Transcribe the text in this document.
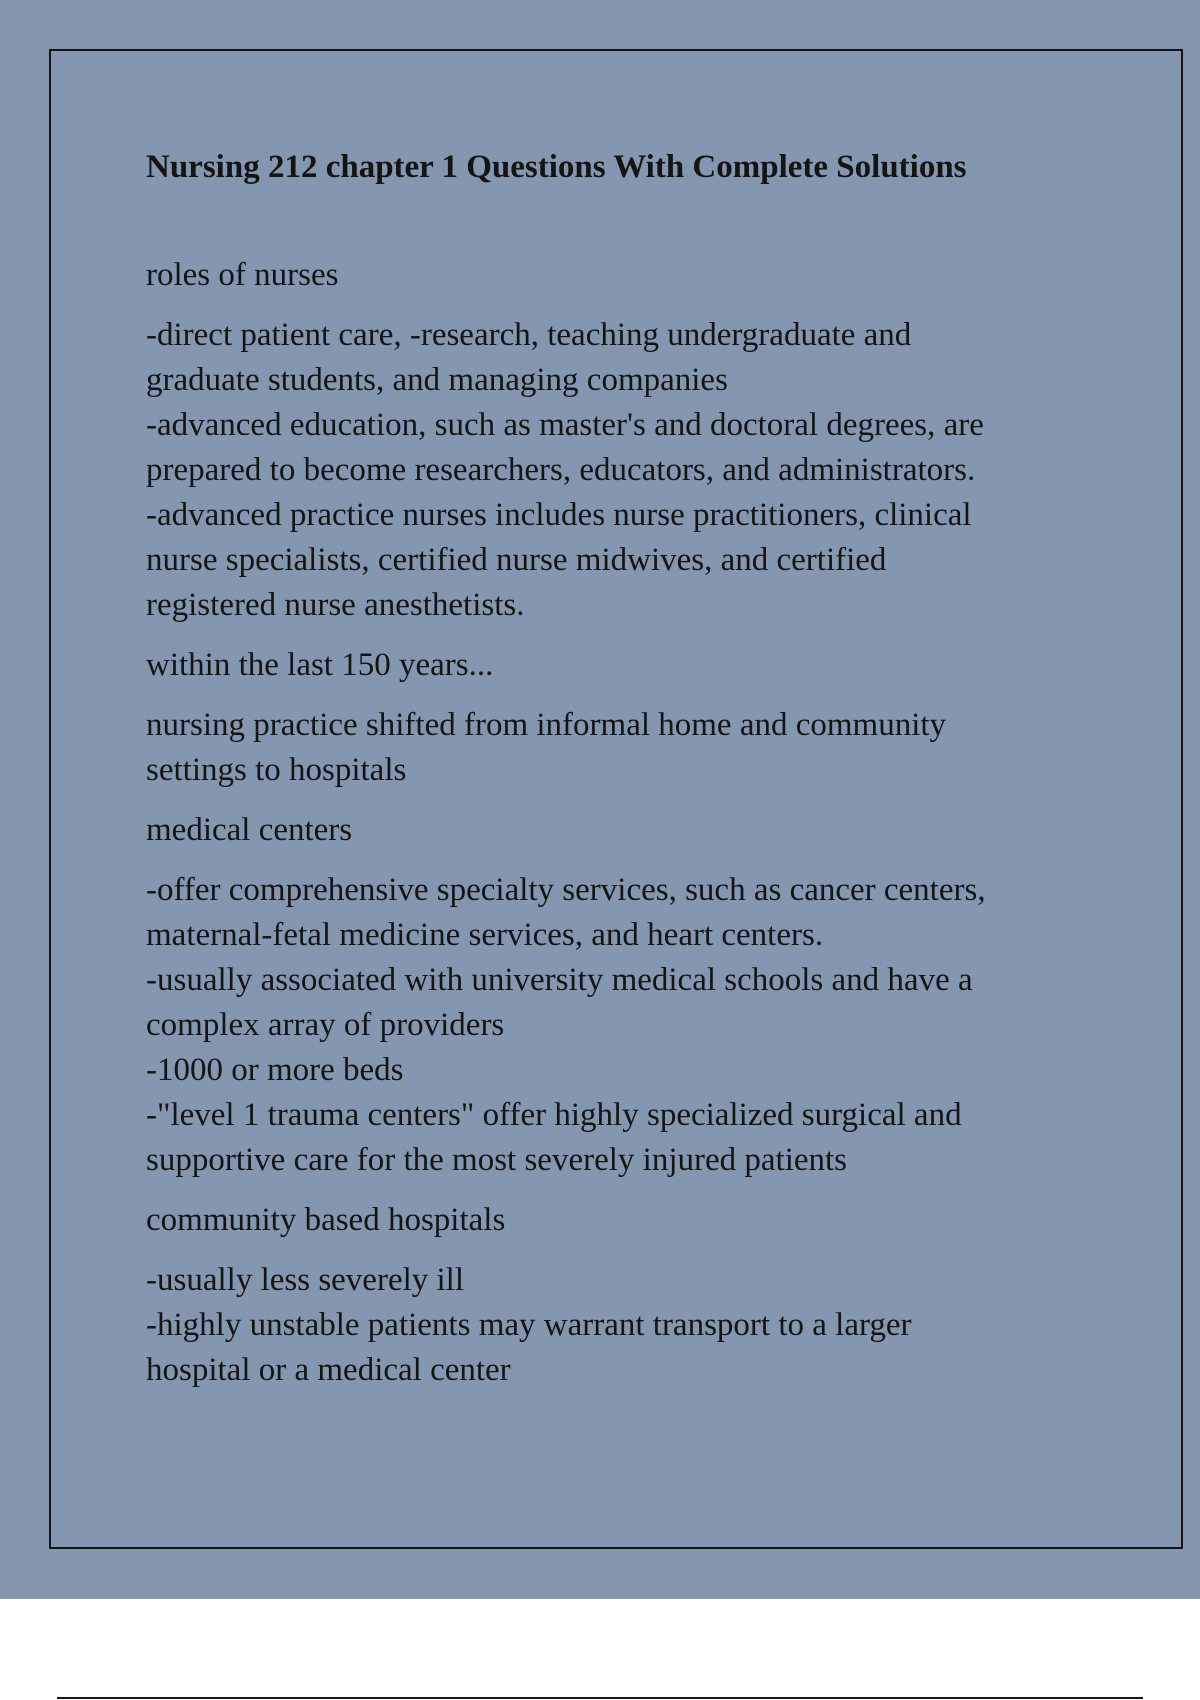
Nursing 212 chapter 1 Questions With Complete Solutions

roles of nurses

-direct patient care, -research, teaching undergraduate and
graduate students, and managing companies
-advanced education, such as master's and doctoral degrees, are
prepared to become researchers, educators, and administrators.
-advanced practice nurses includes nurse practitioners, clinical
nurse specialists, certified nurse midwives, and certified
registered nurse anesthetists.

within the last 150 years...

nursing practice shifted from informal home and community
settings to hospitals

medical centers

-offer comprehensive specialty services, such as cancer centers,
maternal-fetal medicine services, and heart centers.
-usually associated with university medical schools and have a
complex array of providers
-1000 or more beds
-"level 1 trauma centers" offer highly specialized surgical and
supportive care for the most severely injured patients

community based hospitals

-usually less severely ill
-highly unstable patients may warrant transport to a larger
hospital or a medical center
